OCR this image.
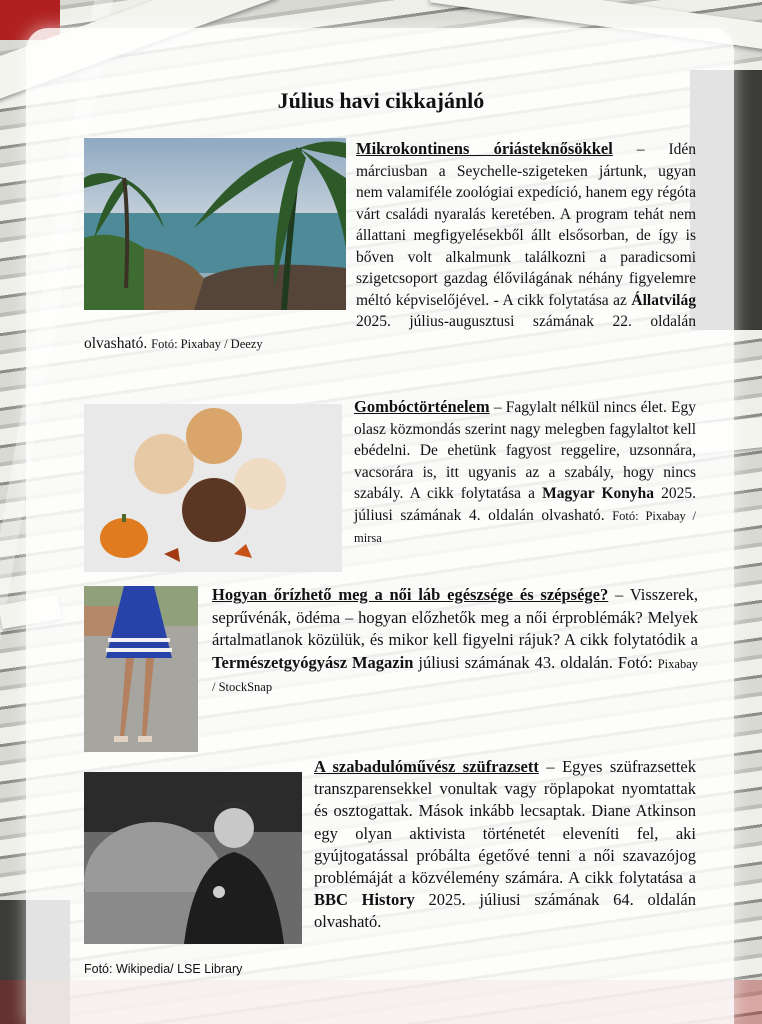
Július havi cikkajánló
Mikrokontinens óriásteknősökkel – Idén márciusban a Seychelle-szigeteken jártunk, ugyan nem valamiféle zoológiai expedíció, hanem egy régóta várt családi nyaralás keretében. A program tehát nem állattani megfigyelésekből állt elsősorban, de így is bőven volt alkalmunk találkozni a paradicsomi szigetcsoport gazdag élővilágának néhány figyelemre méltó képviselőjével. - A cikk folytatása az Állatvilág 2025. július-augusztusi számának 22. oldalán olvasható. Fotó: Pixabay / Deezy
Gombóctörténelem – Fagylalt nélkül nincs élet. Egy olasz közmondás szerint nagy melegben fagylaltot kell ebédelni. De ehetünk fagyost reggelire, uzsonnára, vacsorára is, itt ugyanis az a szabály, hogy nincs szabály. A cikk folytatása a Magyar Konyha 2025. júliusi számának 4. oldalán olvasható. Fotó: Pixabay / mirsa
Hogyan őrízhető meg a női láb egészsége és szépsége? – Visszerek, seprűvénák, ödéma – hogyan előzhetők meg a női érproblémák? Melyek ártalmatlanok közülük, és mikor kell figyelni rájuk? A cikk folytatódik a Természetgyógyász Magazin júliusi számának 43. oldalán. Fotó: Pixabay / StockSnap
A szabadulóművész szüfrazsett – Egyes szüfrazsettek transzparensekkel vonultak vagy röplapokat nyomtattak és osztogattak. Mások inkább lecsaptak. Diane Atkinson egy olyan aktivista történetét eleveníti fel, aki gyújtogatással próbálta égetővé tenni a női szavazójog problémáját a közvélemény számára. A cikk folytatása a BBC History 2025. júliusi számának 64. oldalán olvasható.
Fotó: Wikipedia/ LSE Library
